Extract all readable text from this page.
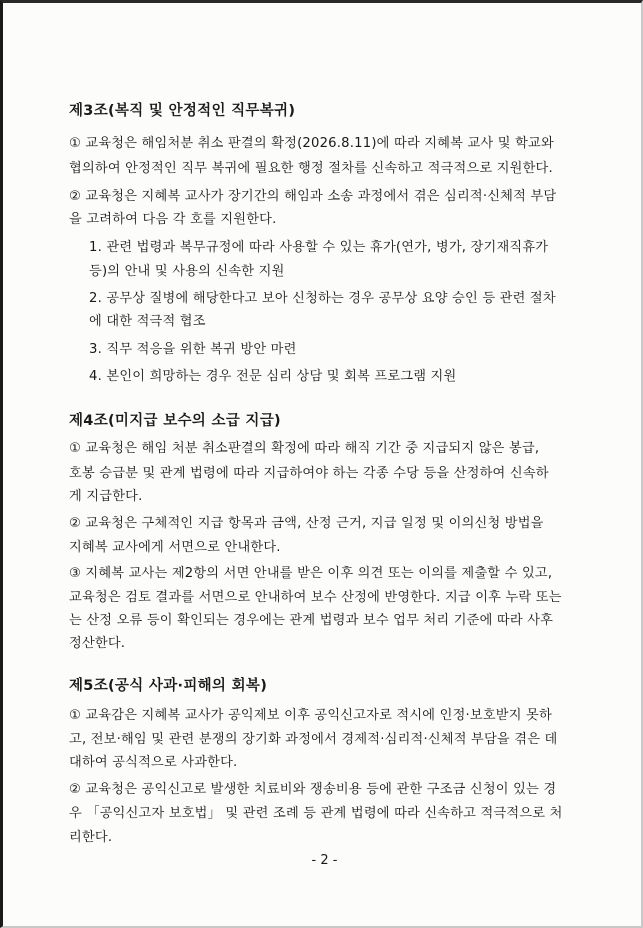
제3조(복직 및 안정적인 직무복귀)
① 교육청은 해임처분 취소 판결의 확정(2026.8.11)에 따라 지혜복 교사 및 학교와
협의하여 안정적인 직무 복귀에 필요한 행정 절차를 신속하고 적극적으로 지원한다.
② 교육청은 지혜복 교사가 장기간의 해임과 소송 과정에서 겪은 심리적·신체적 부담
을 고려하여 다음 각 호를 지원한다.
1. 관련 법령과 복무규정에 따라 사용할 수 있는 휴가(연가, 병가, 장기재직휴가
등)의 안내 및 사용의 신속한 지원
2. 공무상 질병에 해당한다고 보아 신청하는 경우 공무상 요양 승인 등 관련 절차
에 대한 적극적 협조
3. 직무 적응을 위한 복귀 방안 마련
4. 본인이 희망하는 경우 전문 심리 상담 및 회복 프로그램 지원
제4조(미지급 보수의 소급 지급)
① 교육청은 해임 처분 취소판결의 확정에 따라 해직 기간 중 지급되지 않은 봉급,
호봉 승급분 및 관계 법령에 따라 지급하여야 하는 각종 수당 등을 산정하여 신속하
게 지급한다.
② 교육청은 구체적인 지급 항목과 금액, 산정 근거, 지급 일정 및 이의신청 방법을
지혜복 교사에게 서면으로 안내한다.
③ 지혜복 교사는 제2항의 서면 안내를 받은 이후 의견 또는 이의를 제출할 수 있고,
교육청은 검토 결과를 서면으로 안내하여 보수 산정에 반영한다. 지급 이후 누락 또는
는 산정 오류 등이 확인되는 경우에는 관계 법령과 보수 업무 처리 기준에 따라 사후
정산한다.
제5조(공식 사과·피해의 회복)
① 교육감은 지혜복 교사가 공익제보 이후 공익신고자로 적시에 인정·보호받지 못하
고, 전보·해임 및 관련 분쟁의 장기화 과정에서 경제적·심리적·신체적 부담을 겪은 데
대하여 공식적으로 사과한다.
② 교육청은 공익신고로 발생한 치료비와 쟁송비용 등에 관한 구조금 신청이 있는 경
우 「공익신고자 보호법」 및 관련 조례 등 관계 법령에 따라 신속하고 적극적으로 처
리한다.
- 2 -
